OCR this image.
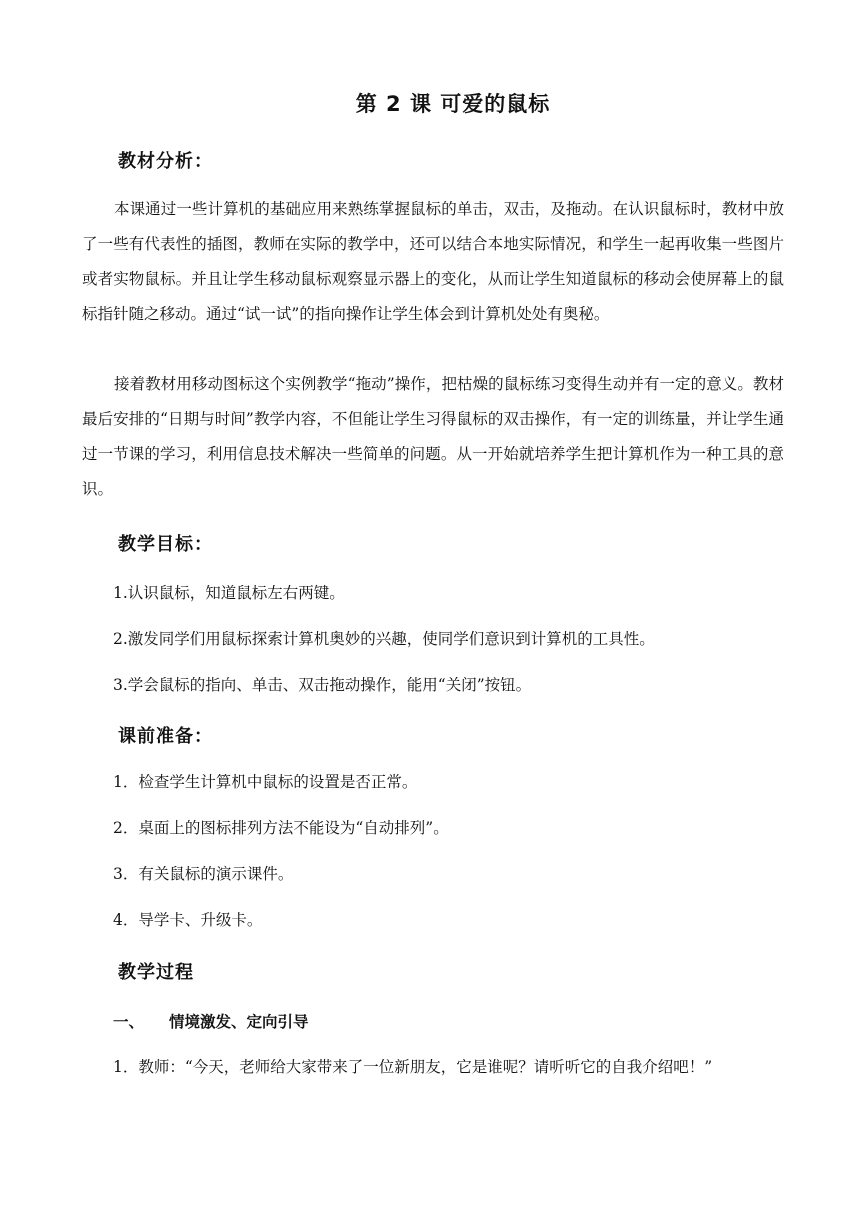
第 2 课 可爱的鼠标
教材分析：

本课通过一些计算机的基础应用来熟练掌握鼠标的单击，双击，及拖动。在认识鼠标时，教材中放了一些有代表性的插图，教师在实际的教学中，还可以结合本地实际情况，和学生一起再收集一些图片或者实物鼠标。并且让学生移动鼠标观察显示器上的变化，从而让学生知道鼠标的移动会使屏幕上的鼠标指针随之移动。通过“试一试”的指向操作让学生体会到计算机处处有奥秘。

接着教材用移动图标这个实例教学“拖动”操作，把枯燥的鼠标练习变得生动并有一定的意义。教材最后安排的“日期与时间”教学内容，不但能让学生习得鼠标的双击操作，有一定的训练量，并让学生通过一节课的学习，利用信息技术解决一些简单的问题。从一开始就培养学生把计算机作为一种工具的意识。

教学目标：
1.认识鼠标，知道鼠标左右两键。
2.激发同学们用鼠标探索计算机奥妙的兴趣，使同学们意识到计算机的工具性。
3.学会鼠标的指向、单击、双击拖动操作，能用“关闭”按钮。
课前准备：
1．检查学生计算机中鼠标的设置是否正常。
2．桌面上的图标排列方法不能设为“自动排列”。
3．有关鼠标的演示课件。
4．导学卡、升级卡。
教学过程
一、 情境激发、定向引导
1．教师：“今天，老师给大家带来了一位新朋友，它是谁呢？请听听它的自我介绍吧！”
